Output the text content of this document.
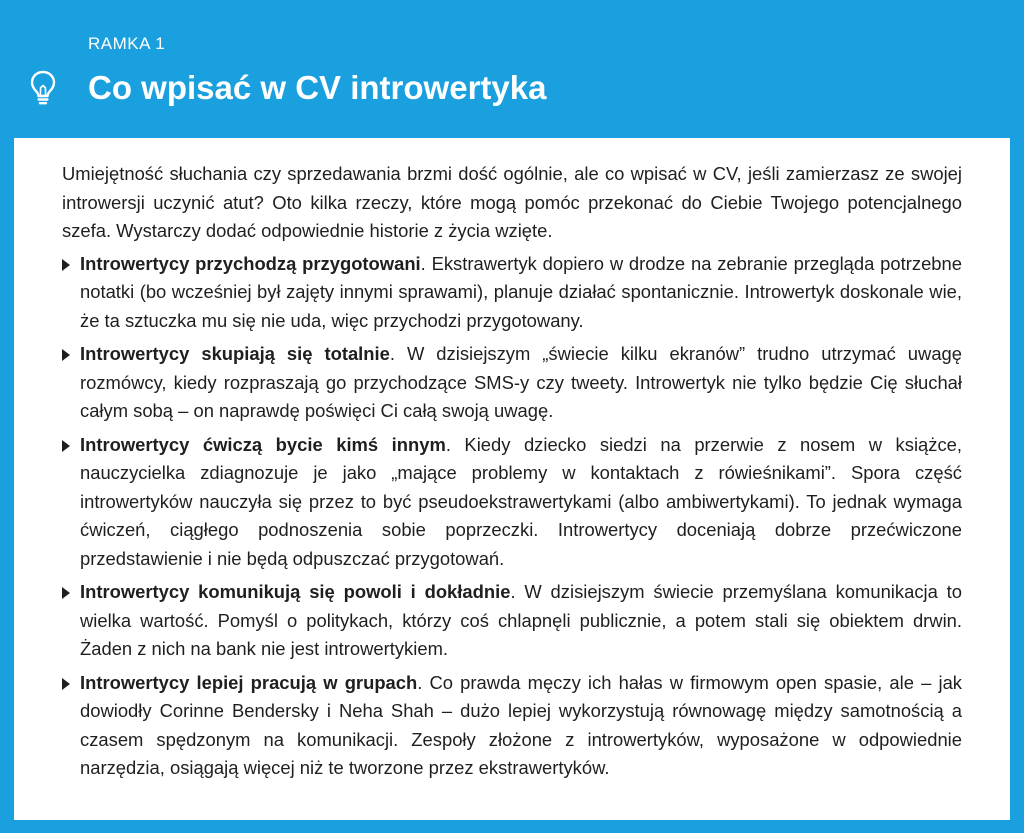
RAMKA 1
Co wpisać w CV introwertyka

Umiejętność słuchania czy sprzedawania brzmi dość ogólnie, ale co wpisać w CV, jeśli zamierzasz ze swojej introwersji uczynić atut? Oto kilka rzeczy, które mogą pomóc przekonać do Ciebie Twojego potencjalnego szefa. Wystarczy dodać odpowiednie historie z życia wzięte.

Introwertycy przychodzą przygotowani. Ekstrawertyk dopiero w drodze na zebranie przegląda potrzebne notatki (bo wcześniej był zajęty innymi sprawami), planuje działać spontanicznie. Introwertyk doskonale wie, że ta sztuczka mu się nie uda, więc przychodzi przygotowany.
Introwertycy skupiają się totalnie. W dzisiejszym „świecie kilku ekranów” trudno utrzymać uwagę rozmówcy, kiedy rozpraszają go przychodzące SMS-y czy tweety. Introwertyk nie tylko będzie Cię słuchał całym sobą – on naprawdę poświęci Ci całą swoją uwagę.
Introwertycy ćwiczą bycie kimś innym. Kiedy dziecko siedzi na przerwie z nosem w książce, nauczycielka zdiagnozuje je jako „mające problemy w kontaktach z rówieśnikami”. Spora część introwertyków nauczyła się przez to być pseudoekstrawertykami (albo ambiwertykami). To jednak wymaga ćwiczeń, ciągłego podnoszenia sobie poprzeczki. Introwertycy doceniają dobrze przećwiczone przedstawienie i nie będą odpuszczać przygotowań.
Introwertycy komunikują się powoli i dokładnie. W dzisiejszym świecie przemyślana komunikacja to wielka wartość. Pomyśl o politykach, którzy coś chlapnęli publicznie, a potem stali się obiektem drwin. Żaden z nich na bank nie jest introwertykiem.
Introwertycy lepiej pracują w grupach. Co prawda męczy ich hałas w firmowym open spasie, ale – jak dowiodły Corinne Bendersky i Neha Shah – dużo lepiej wykorzystują równowagę między samotnością a czasem spędzonym na komunikacji. Zespoły złożone z introwertyków, wyposażone w odpowiednie narzędzia, osiągają więcej niż te tworzone przez ekstrawertyków.
